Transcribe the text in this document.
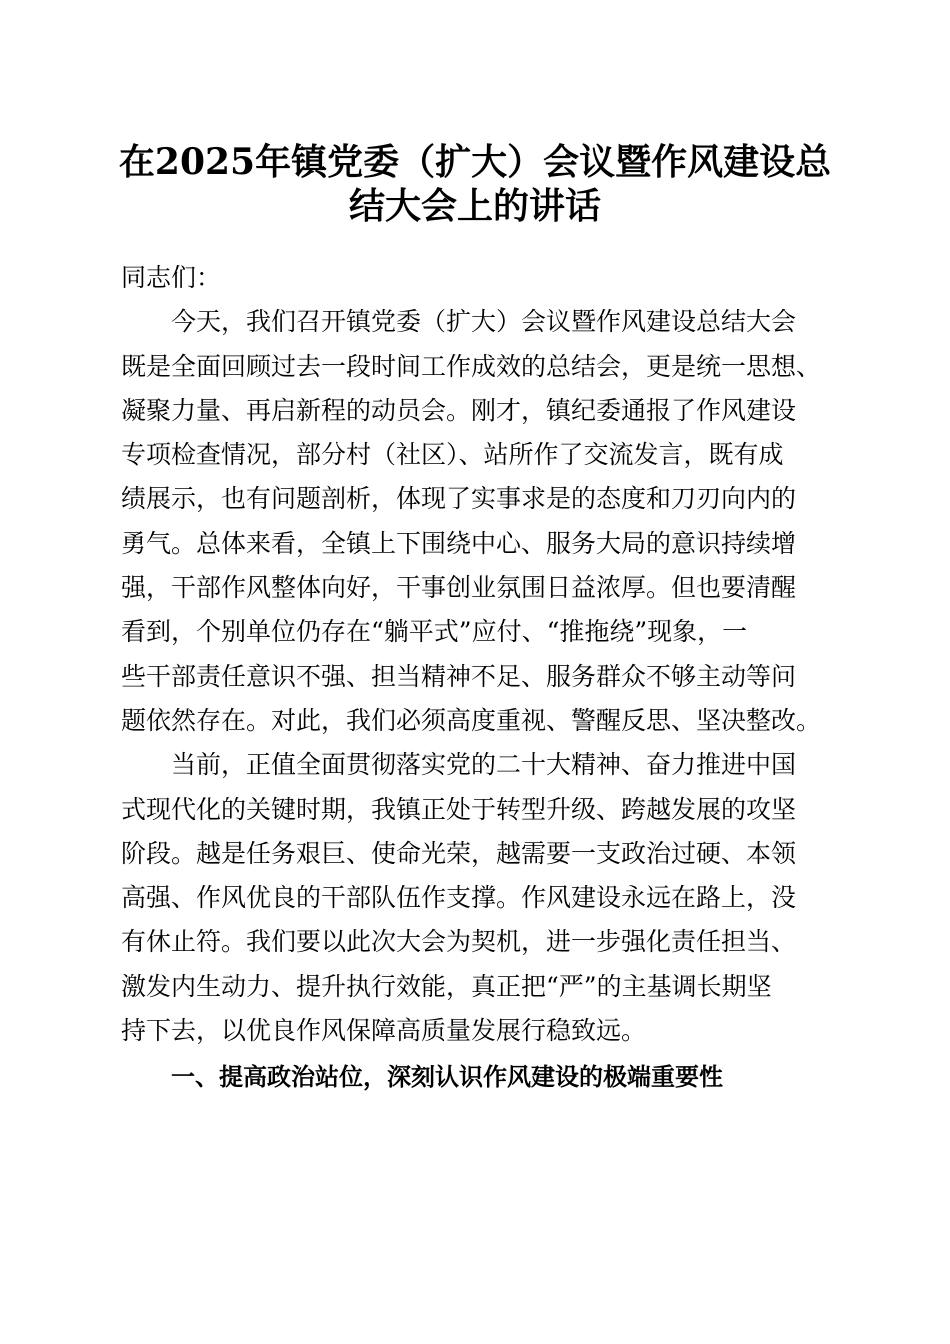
在2025年镇党委（扩大）会议暨作风建设总
结大会上的讲话
同志们：
今天，我们召开镇党委（扩大）会议暨作风建设总结大会
既是全面回顾过去一段时间工作成效的总结会，更是统一思想、
凝聚力量、再启新程的动员会。刚才，镇纪委通报了作风建设
专项检查情况，部分村（社区）、站所作了交流发言，既有成
绩展示，也有问题剖析，体现了实事求是的态度和刀刃向内的
勇气。总体来看，全镇上下围绕中心、服务大局的意识持续增
强，干部作风整体向好，干事创业氛围日益浓厚。但也要清醒
看到，个别单位仍存在“躺平式”应付、“推拖绕”现象，一
些干部责任意识不强、担当精神不足、服务群众不够主动等问
题依然存在。对此，我们必须高度重视、警醒反思、坚决整改。
当前，正值全面贯彻落实党的二十大精神、奋力推进中国
式现代化的关键时期，我镇正处于转型升级、跨越发展的攻坚
阶段。越是任务艰巨、使命光荣，越需要一支政治过硬、本领
高强、作风优良的干部队伍作支撑。作风建设永远在路上，没
有休止符。我们要以此次大会为契机，进一步强化责任担当、
激发内生动力、提升执行效能，真正把“严”的主基调长期坚
持下去，以优良作风保障高质量发展行稳致远。
一、提高政治站位，深刻认识作风建设的极端重要性
